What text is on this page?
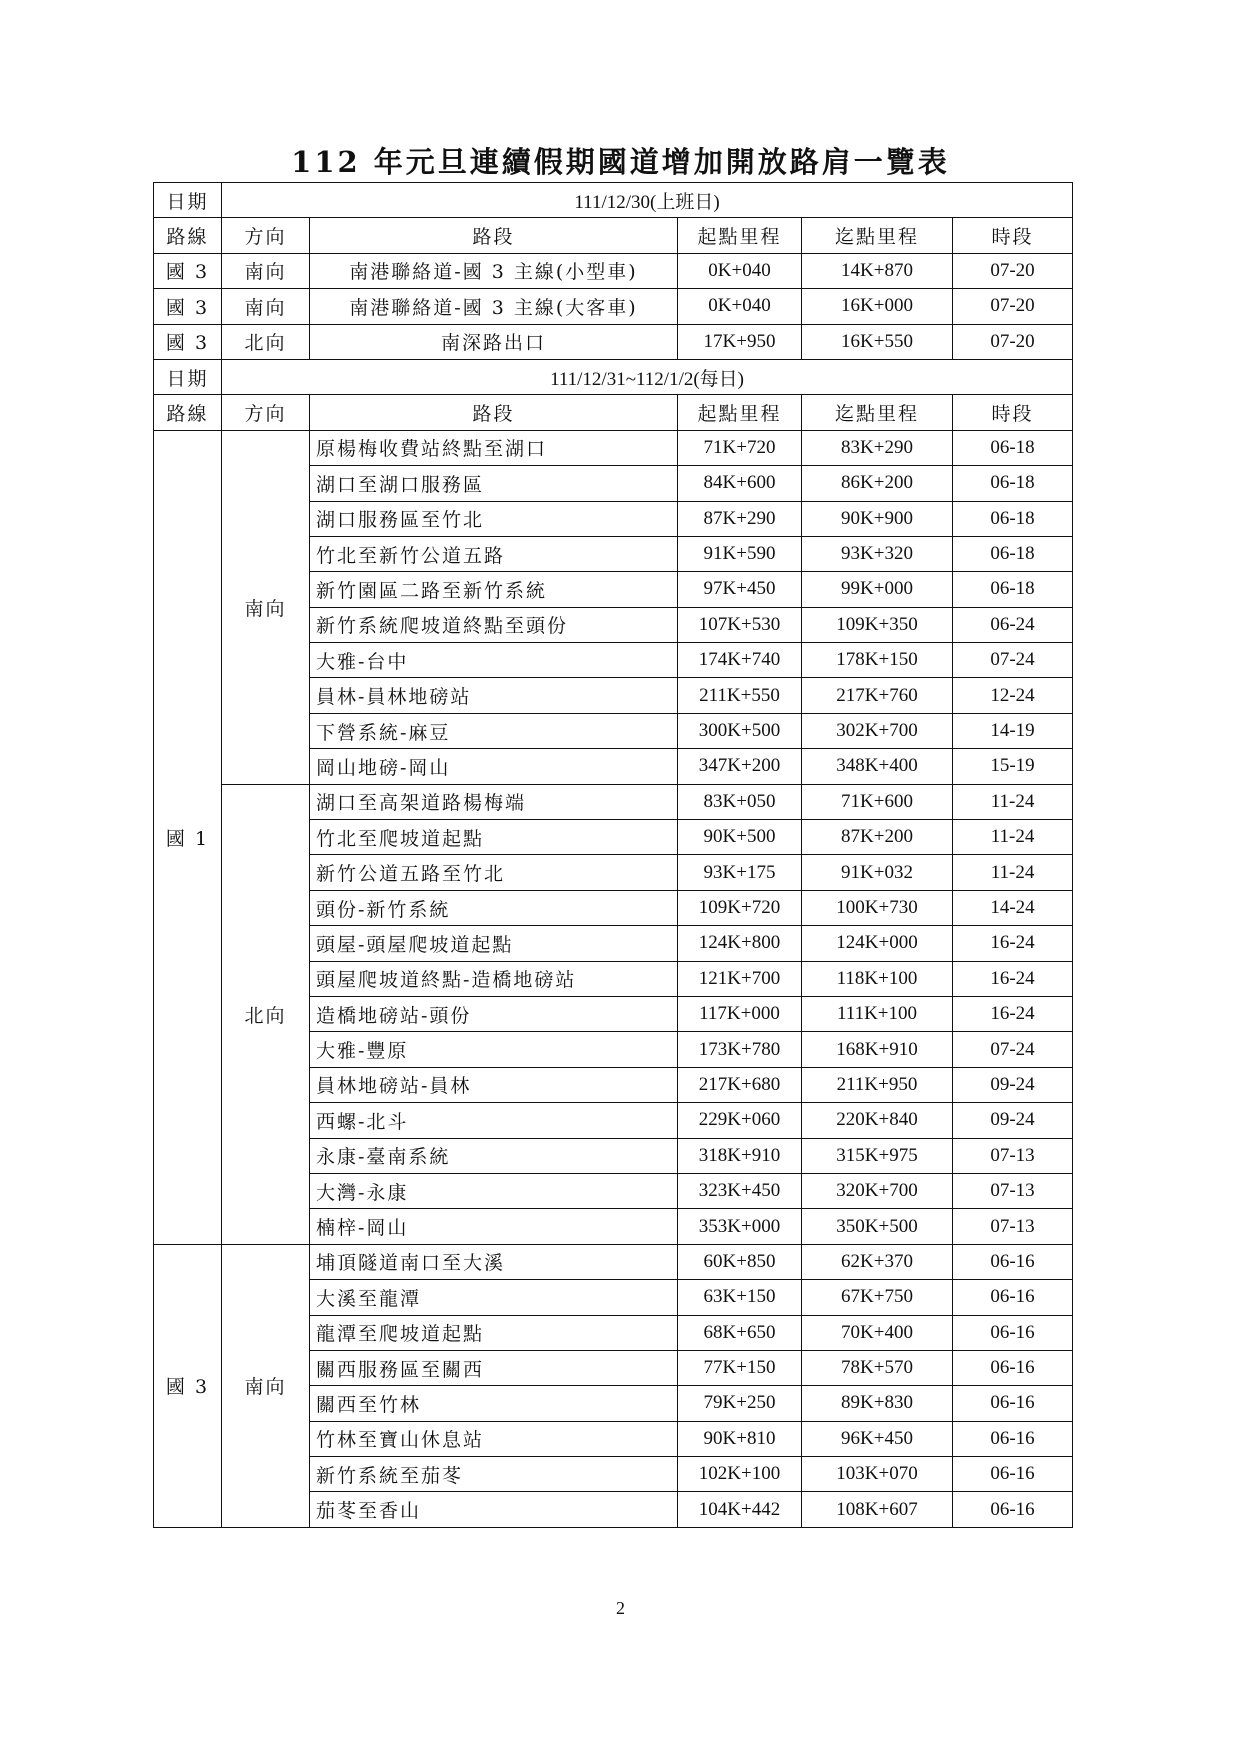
112 年元旦連續假期國道增加開放路肩一覽表
日期	111/12/30(上班日)				
路線	方向	路段	起點里程	迄點里程	時段
國 3	南向	南港聯絡道-國 3 主線(小型車)	0K+040	14K+870	07-20
國 3	南向	南港聯絡道-國 3 主線(大客車)	0K+040	16K+000	07-20
國 3	北向	南深路出口	17K+950	16K+550	07-20
日期	111/12/31~112/1/2(每日)				
路線	方向	路段	起點里程	迄點里程	時段
國 1	南向	原楊梅收費站終點至湖口	71K+720	83K+290	06-18
		湖口至湖口服務區	84K+600	86K+200	06-18
		湖口服務區至竹北	87K+290	90K+900	06-18
		竹北至新竹公道五路	91K+590	93K+320	06-18
		新竹園區二路至新竹系統	97K+450	99K+000	06-18
		新竹系統爬坡道終點至頭份	107K+530	109K+350	06-24
		大雅-台中	174K+740	178K+150	07-24
		員林-員林地磅站	211K+550	217K+760	12-24
		下營系統-麻豆	300K+500	302K+700	14-19
		岡山地磅-岡山	347K+200	348K+400	15-19
	北向	湖口至高架道路楊梅端	83K+050	71K+600	11-24
		竹北至爬坡道起點	90K+500	87K+200	11-24
		新竹公道五路至竹北	93K+175	91K+032	11-24
		頭份-新竹系統	109K+720	100K+730	14-24
		頭屋-頭屋爬坡道起點	124K+800	124K+000	16-24
		頭屋爬坡道終點-造橋地磅站	121K+700	118K+100	16-24
		造橋地磅站-頭份	117K+000	111K+100	16-24
		大雅-豐原	173K+780	168K+910	07-24
		員林地磅站-員林	217K+680	211K+950	09-24
		西螺-北斗	229K+060	220K+840	09-24
		永康-臺南系統	318K+910	315K+975	07-13
		大灣-永康	323K+450	320K+700	07-13
		楠梓-岡山	353K+000	350K+500	07-13
國 3	南向	埔頂隧道南口至大溪	60K+850	62K+370	06-16
		大溪至龍潭	63K+150	67K+750	06-16
		龍潭至爬坡道起點	68K+650	70K+400	06-16
		關西服務區至關西	77K+150	78K+570	06-16
		關西至竹林	79K+250	89K+830	06-16
		竹林至寶山休息站	90K+810	96K+450	06-16
		新竹系統至茄苳	102K+100	103K+070	06-16
		茄苳至香山	104K+442	108K+607	06-16
2
